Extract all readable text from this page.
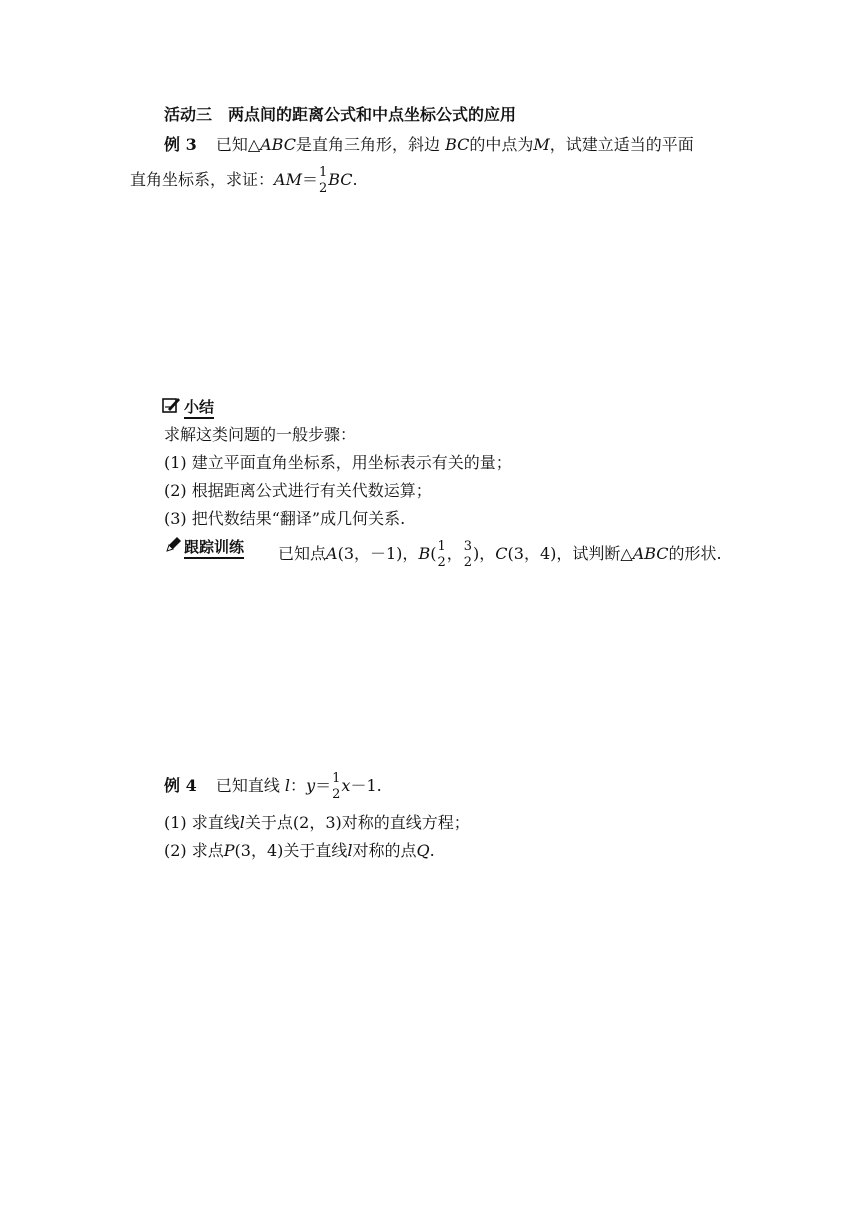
活动三　两点间的距离公式和中点坐标公式的应用
例 3 已知△ABC是直角三角形，斜边 BC的中点为M，试建立适当的平面
直角坐标系，求证：AM＝ 1
2 BC.
小结
求解这类问题的一般步骤：
(1) 建立平面直角坐标系，用坐标表示有关的量；
(2) 根据距离公式进行有关代数运算；
(3) 把代数结果“翻译”成几何关系.
跟踪训练 已知点A(3，－1)，B( 1
2 ， 3
2 )，C(3，4)，试判断△ABC的形状.
例 4 已知直线 l：y＝ 1
2 x－1.
(1) 求直线l关于点(2，3)对称的直线方程；
(2) 求点P(3，4)关于直线l对称的点Q.
